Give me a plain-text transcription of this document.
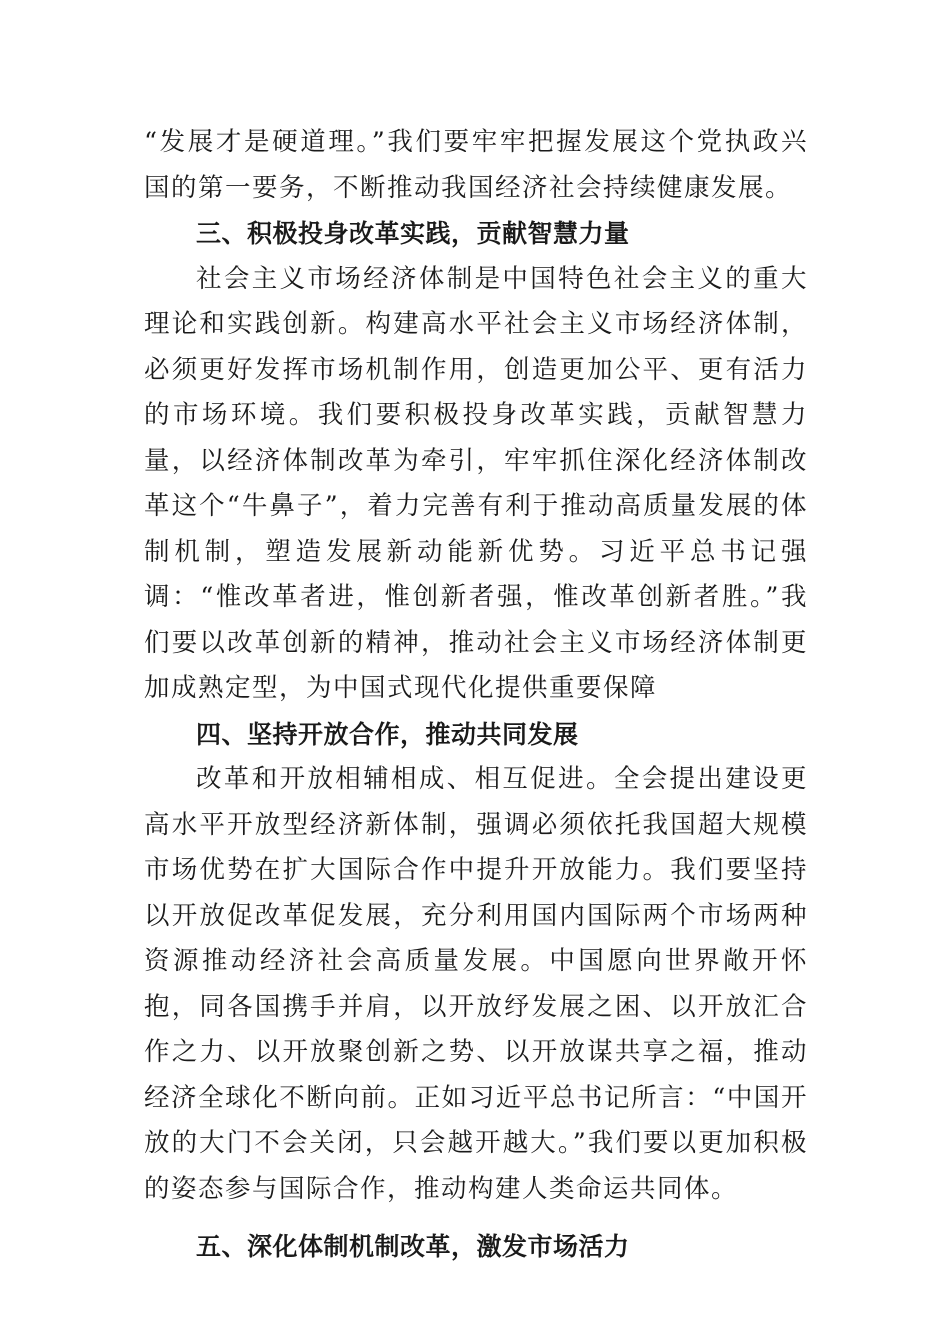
“发展才是硬道理。”我们要牢牢把握发展这个党执政兴国的第一要务，不断推动我国经济社会持续健康发展。

三、积极投身改革实践，贡献智慧力量

社会主义市场经济体制是中国特色社会主义的重大理论和实践创新。构建高水平社会主义市场经济体制，必须更好发挥市场机制作用，创造更加公平、更有活力的市场环境。我们要积极投身改革实践，贡献智慧力量，以经济体制改革为牵引，牢牢抓住深化经济体制改革这个“牛鼻子”，着力完善有利于推动高质量发展的体制机制，塑造发展新动能新优势。习近平总书记强调：“惟改革者进，惟创新者强，惟改革创新者胜。”我们要以改革创新的精神，推动社会主义市场经济体制更加成熟定型，为中国式现代化提供重要保障

四、坚持开放合作，推动共同发展

改革和开放相辅相成、相互促进。全会提出建设更高水平开放型经济新体制，强调必须依托我国超大规模市场优势在扩大国际合作中提升开放能力。我们要坚持以开放促改革促发展，充分利用国内国际两个市场两种资源推动经济社会高质量发展。中国愿向世界敞开怀抱，同各国携手并肩，以开放纾发展之困、以开放汇合作之力、以开放聚创新之势、以开放谋共享之福，推动经济全球化不断向前。正如习近平总书记所言：“中国开放的大门不会关闭，只会越开越大。”我们要以更加积极的姿态参与国际合作，推动构建人类命运共同体。

五、深化体制机制改革，激发市场活力
